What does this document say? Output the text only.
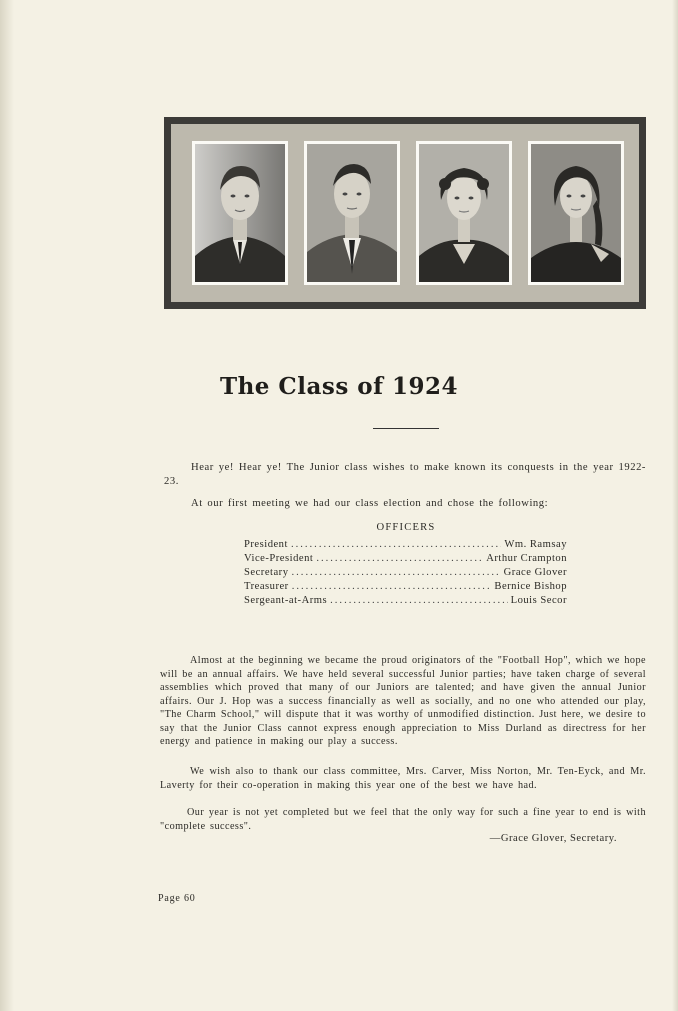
The Class of 1924

Hear ye! Hear ye! The Junior class wishes to make known its conquests in the year 1922-23.

At our first meeting we had our class election and chose the following:

OFFICERS
President .....	Wm. Ramsay
Vice-President .....	Arthur Crampton
Secretary .....	Grace Glover
Treasurer .....	Bernice Bishop
Sergeant-at-Arms .....	Louis Secor

Almost at the beginning we became the proud originators of the "Football Hop", which we hope will be an annual affairs. We have held several successful Junior parties; have taken charge of several assemblies which proved that many of our Juniors are talented; and have given the annual Junior affairs. Our J. Hop was a success financially as well as socially, and no one who attended our play, "The Charm School," will dispute that it was worthy of unmodified distinction. Just here, we desire to say that the Junior Class cannot express enough appreciation to Miss Durland as directress for her energy and patience in making our play a success.

We wish also to thank our class committee, Mrs. Carver, Miss Norton, Mr. Ten-Eyck, and Mr. Laverty for their co-operation in making this year one of the best we have had.

Our year is not yet completed but we feel that the only way for such a fine year to end is with "complete success".

—Grace Glover, Secretary.
Page 60
